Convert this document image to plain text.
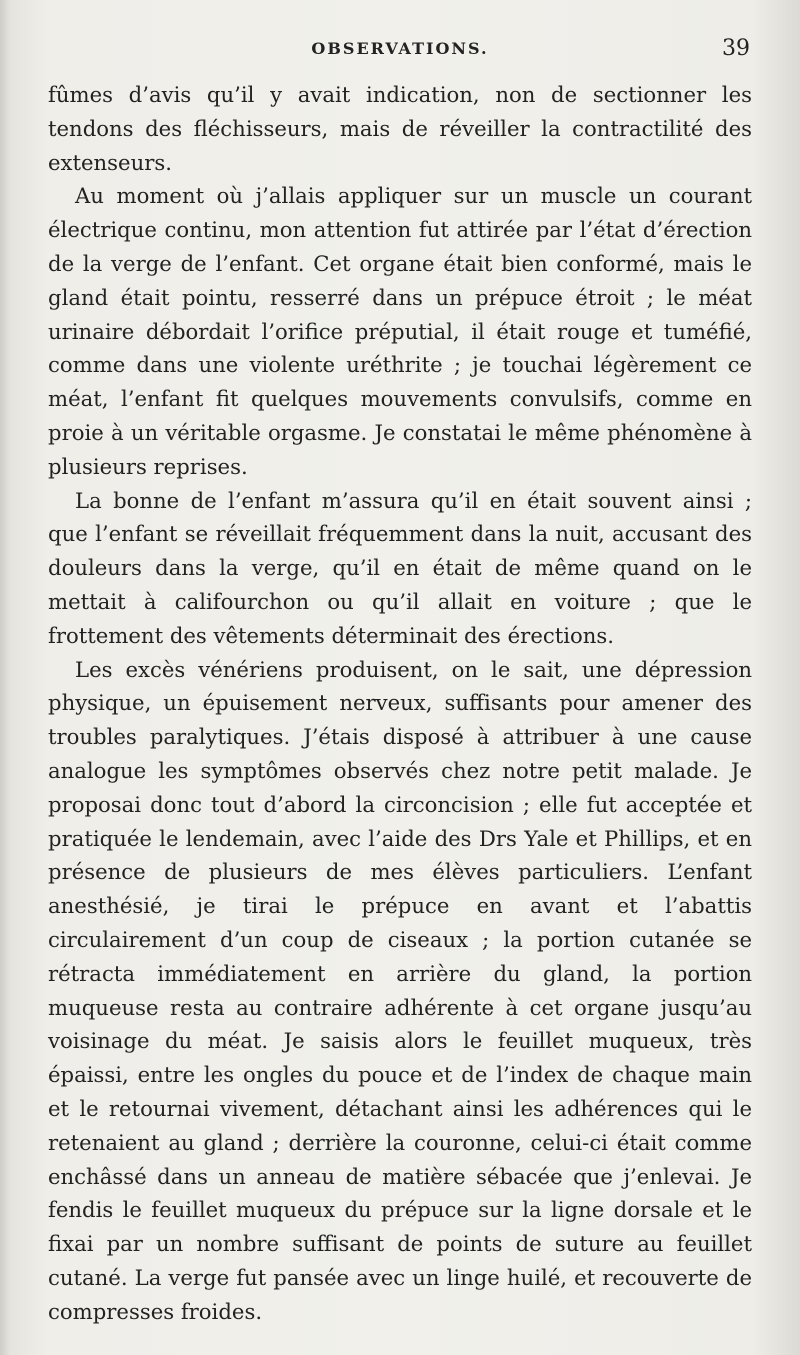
OBSERVATIONS.	39

fûmes d’avis qu’il y avait indication, non de sectionner les tendons des fléchisseurs, mais de réveiller la contractilité des extenseurs.

Au moment où j’allais appliquer sur un muscle un courant électrique continu, mon attention fut attirée par l’état d’érection de la verge de l’enfant. Cet organe était bien conformé, mais le gland était pointu, resserré dans un prépuce étroit ; le méat urinaire débordait l’orifice préputial, il était rouge et tuméfié, comme dans une violente uréthrite ; je touchai légèrement ce méat, l’enfant fit quelques mouvements convulsifs, comme en proie à un véritable orgasme. Je constatai le même phénomène à plusieurs reprises.

La bonne de l’enfant m’assura qu’il en était souvent ainsi ; que l’enfant se réveillait fréquemment dans la nuit, accusant des douleurs dans la verge, qu’il en était de même quand on le mettait à califourchon ou qu’il allait en voiture ; que le frottement des vêtements déterminait des érections.

Les excès vénériens produisent, on le sait, une dépression physique, un épuisement nerveux, suffisants pour amener des troubles paralytiques. J’étais disposé à attribuer à une cause analogue les symptômes observés chez notre petit malade. Je proposai donc tout d’abord la circoncision ; elle fut acceptée et pratiquée le lendemain, avec l’aide des Drs Yale et Phillips, et en présence de plusieurs de mes élèves particuliers. L’enfant anesthésié, je tirai le prépuce en avant et l’abattis circulairement d’un coup de ciseaux ; la portion cutanée se rétracta immédiatement en arrière du gland, la portion muqueuse resta au contraire adhérente à cet organe jusqu’au voisinage du méat. Je saisis alors le feuillet muqueux, très épaissi, entre les ongles du pouce et de l’index de chaque main et le retournai vivement, détachant ainsi les adhérences qui le retenaient au gland ; derrière la couronne, celui-ci était comme enchâssé dans un anneau de matière sébacée que j’enlevai. Je fendis le feuillet muqueux du prépuce sur la ligne dorsale et le fixai par un nombre suffisant de points de suture au feuillet cutané. La verge fut pansée avec un linge huilé, et recouverte de compresses froides.
